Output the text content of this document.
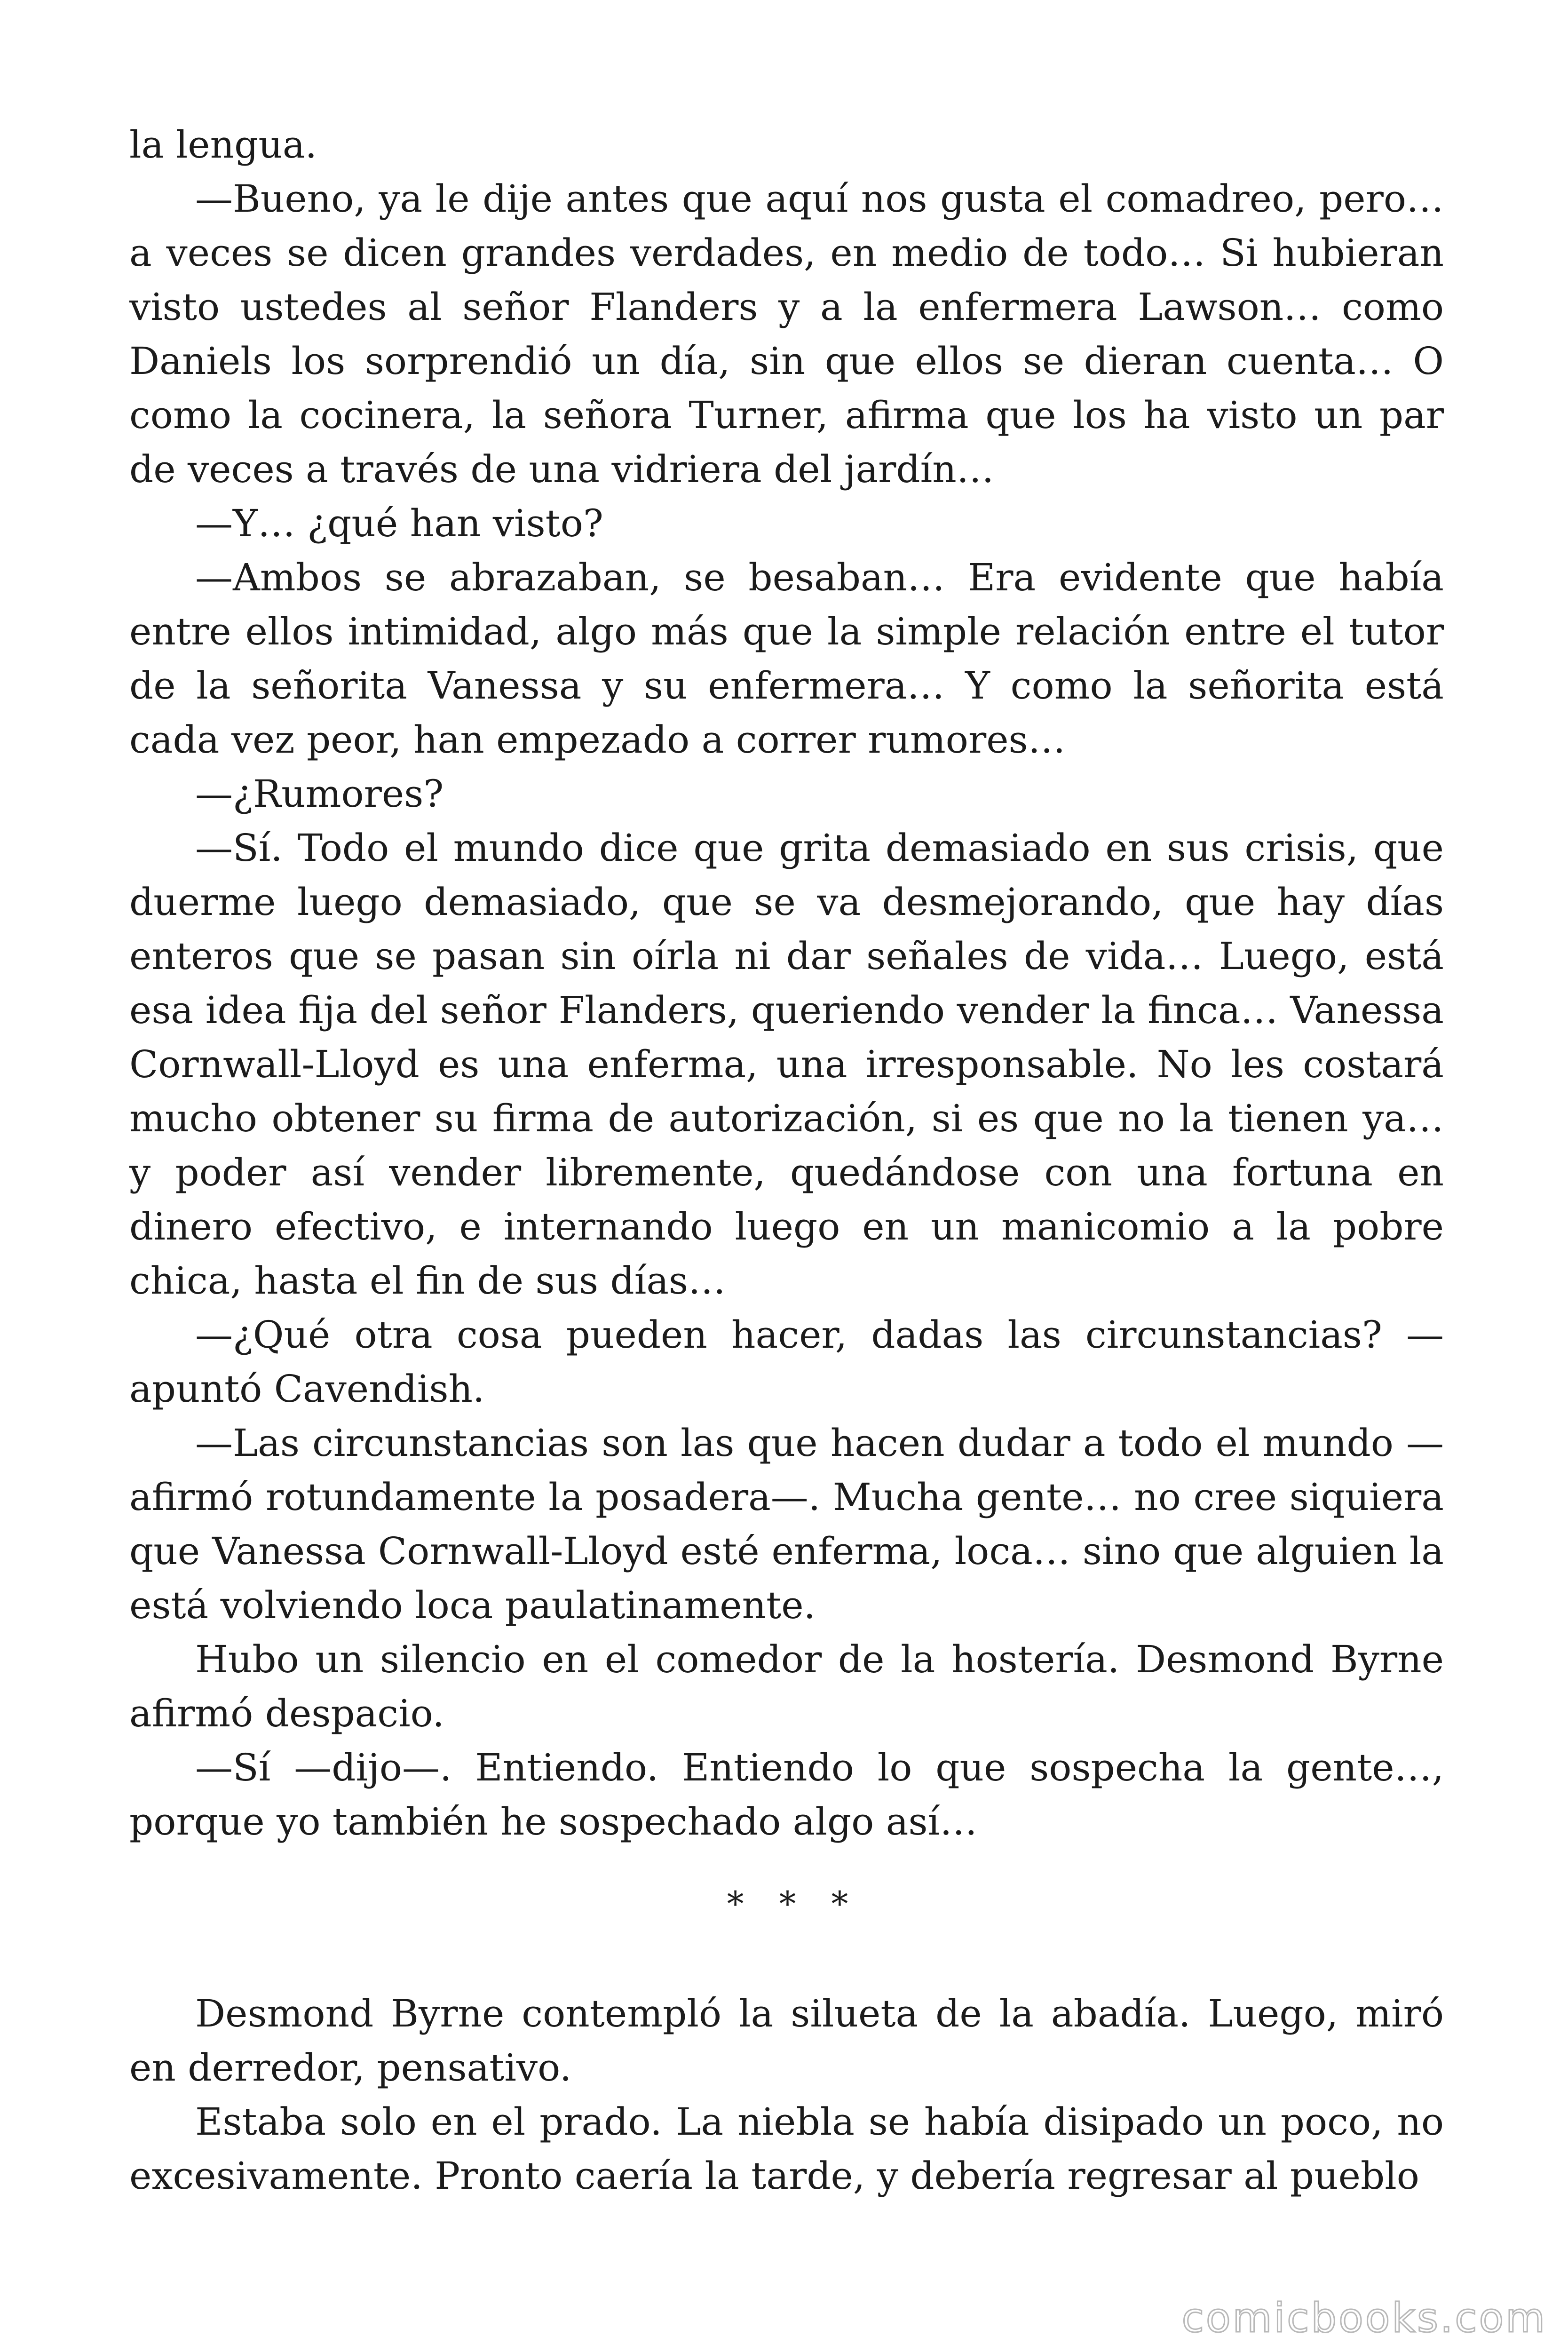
la lengua.

—Bueno, ya le dije antes que aquí nos gusta el comadreo, pero… a veces se dicen grandes verdades, en medio de todo… Si hubieran visto ustedes al señor Flanders y a la enfermera Lawson… como Daniels los sorprendió un día, sin que ellos se dieran cuenta… O como la cocinera, la señora Turner, afirma que los ha visto un par de veces a través de una vidriera del jardín…

—Y… ¿qué han visto?

—Ambos se abrazaban, se besaban… Era evidente que había entre ellos intimidad, algo más que la simple relación entre el tutor de la señorita Vanessa y su enfermera… Y como la señorita está cada vez peor, han empezado a correr rumores…

—¿Rumores?

—Sí. Todo el mundo dice que grita demasiado en sus crisis, que duerme luego demasiado, que se va desmejorando, que hay días enteros que se pasan sin oírla ni dar señales de vida… Luego, está esa idea fija del señor Flanders, queriendo vender la finca… Vanessa Cornwall-Lloyd es una enferma, una irresponsable. No les costará mucho obtener su firma de autorización, si es que no la tienen ya… y poder así vender libremente, quedándose con una fortuna en dinero efectivo, e internando luego en un manicomio a la pobre chica, hasta el fin de sus días…

—¿Qué otra cosa pueden hacer, dadas las circunstancias? —apuntó Cavendish.

—Las circunstancias son las que hacen dudar a todo el mundo —afirmó rotundamente la posadera—. Mucha gente… no cree siquiera que Vanessa Cornwall-Lloyd esté enferma, loca… sino que alguien la está volviendo loca paulatinamente.

Hubo un silencio en el comedor de la hostería. Desmond Byrne afirmó despacio.

—Sí —dijo—. Entiendo. Entiendo lo que sospecha la gente…, porque yo también he sospechado algo así…

* * *

Desmond Byrne contempló la silueta de la abadía. Luego, miró en derredor, pensativo.

Estaba solo en el prado. La niebla se había disipado un poco, no excesivamente. Pronto caería la tarde, y debería regresar al pueblo

comicbooks.com
